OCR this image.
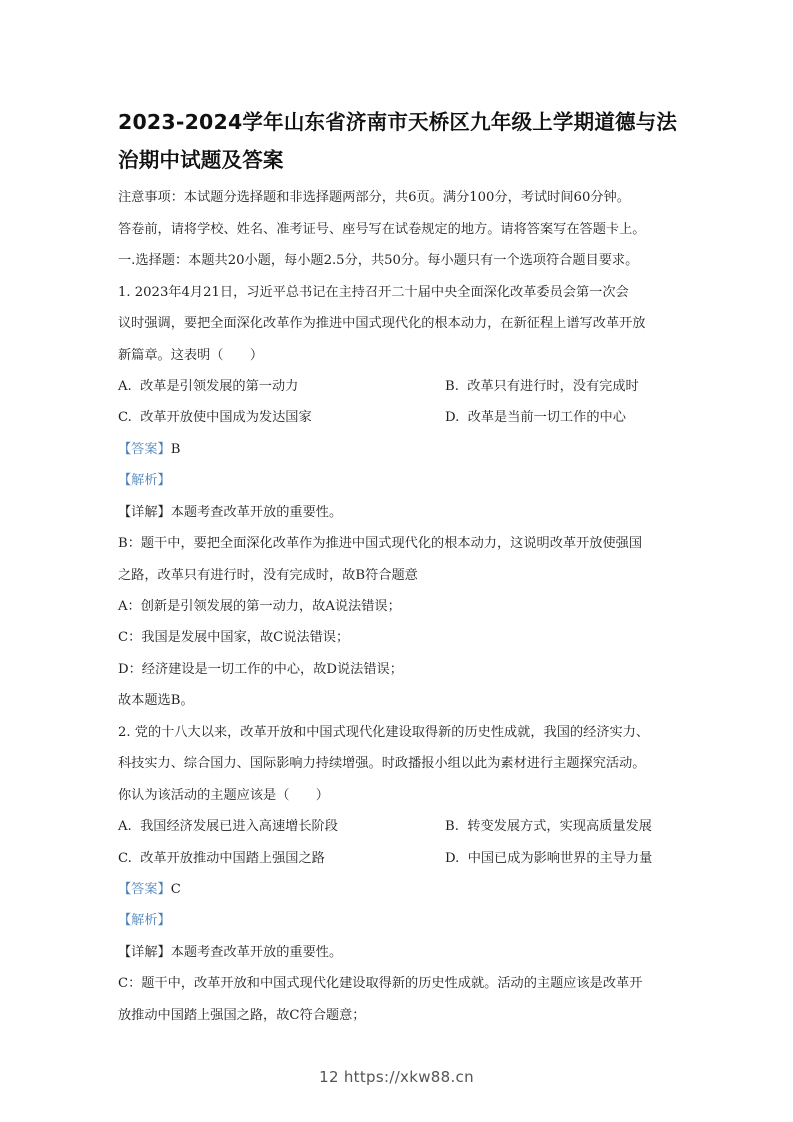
2023-2024学年山东省济南市天桥区九年级上学期道德与法
治期中试题及答案
注意事项：本试题分选择题和非选择题两部分，共6页。满分100分，考试时间60分钟。
答卷前，请将学校、姓名、准考证号、座号写在试卷规定的地方。请将答案写在答题卡上。
一.选择题：本题共20小题，每小题2.5分，共50分。每小题只有一个选项符合题目要求。
1. 2023年4月21日，习近平总书记在主持召开二十届中央全面深化改革委员会第一次会
议时强调，要把全面深化改革作为推进中国式现代化的根本动力，在新征程上谱写改革开放
新篇章。这表明（　　）
A. 改革是引领发展的第一动力	B. 改革只有进行时，没有完成时
C. 改革开放使中国成为发达国家	D. 改革是当前一切工作的中心
【答案】B
【解析】
【详解】本题考查改革开放的重要性。
B：题干中，要把全面深化改革作为推进中国式现代化的根本动力，这说明改革开放使强国
之路，改革只有进行时，没有完成时，故B符合题意
A：创新是引领发展的第一动力，故A说法错误；
C：我国是发展中国家，故C说法错误；
D：经济建设是一切工作的中心，故D说法错误；
故本题选B。
2. 党的十八大以来，改革开放和中国式现代化建设取得新的历史性成就，我国的经济实力、
科技实力、综合国力、国际影响力持续增强。时政播报小组以此为素材进行主题探究活动。
你认为该活动的主题应该是（　　）
A. 我国经济发展已进入高速增长阶段	B. 转变发展方式，实现高质量发展
C. 改革开放推动中国踏上强国之路	D. 中国已成为影响世界的主导力量
【答案】C
【解析】
【详解】本题考查改革开放的重要性。
C：题干中，改革开放和中国式现代化建设取得新的历史性成就。活动的主题应该是改革开
放推动中国踏上强国之路，故C符合题意；
12 https://xkw88.cn
